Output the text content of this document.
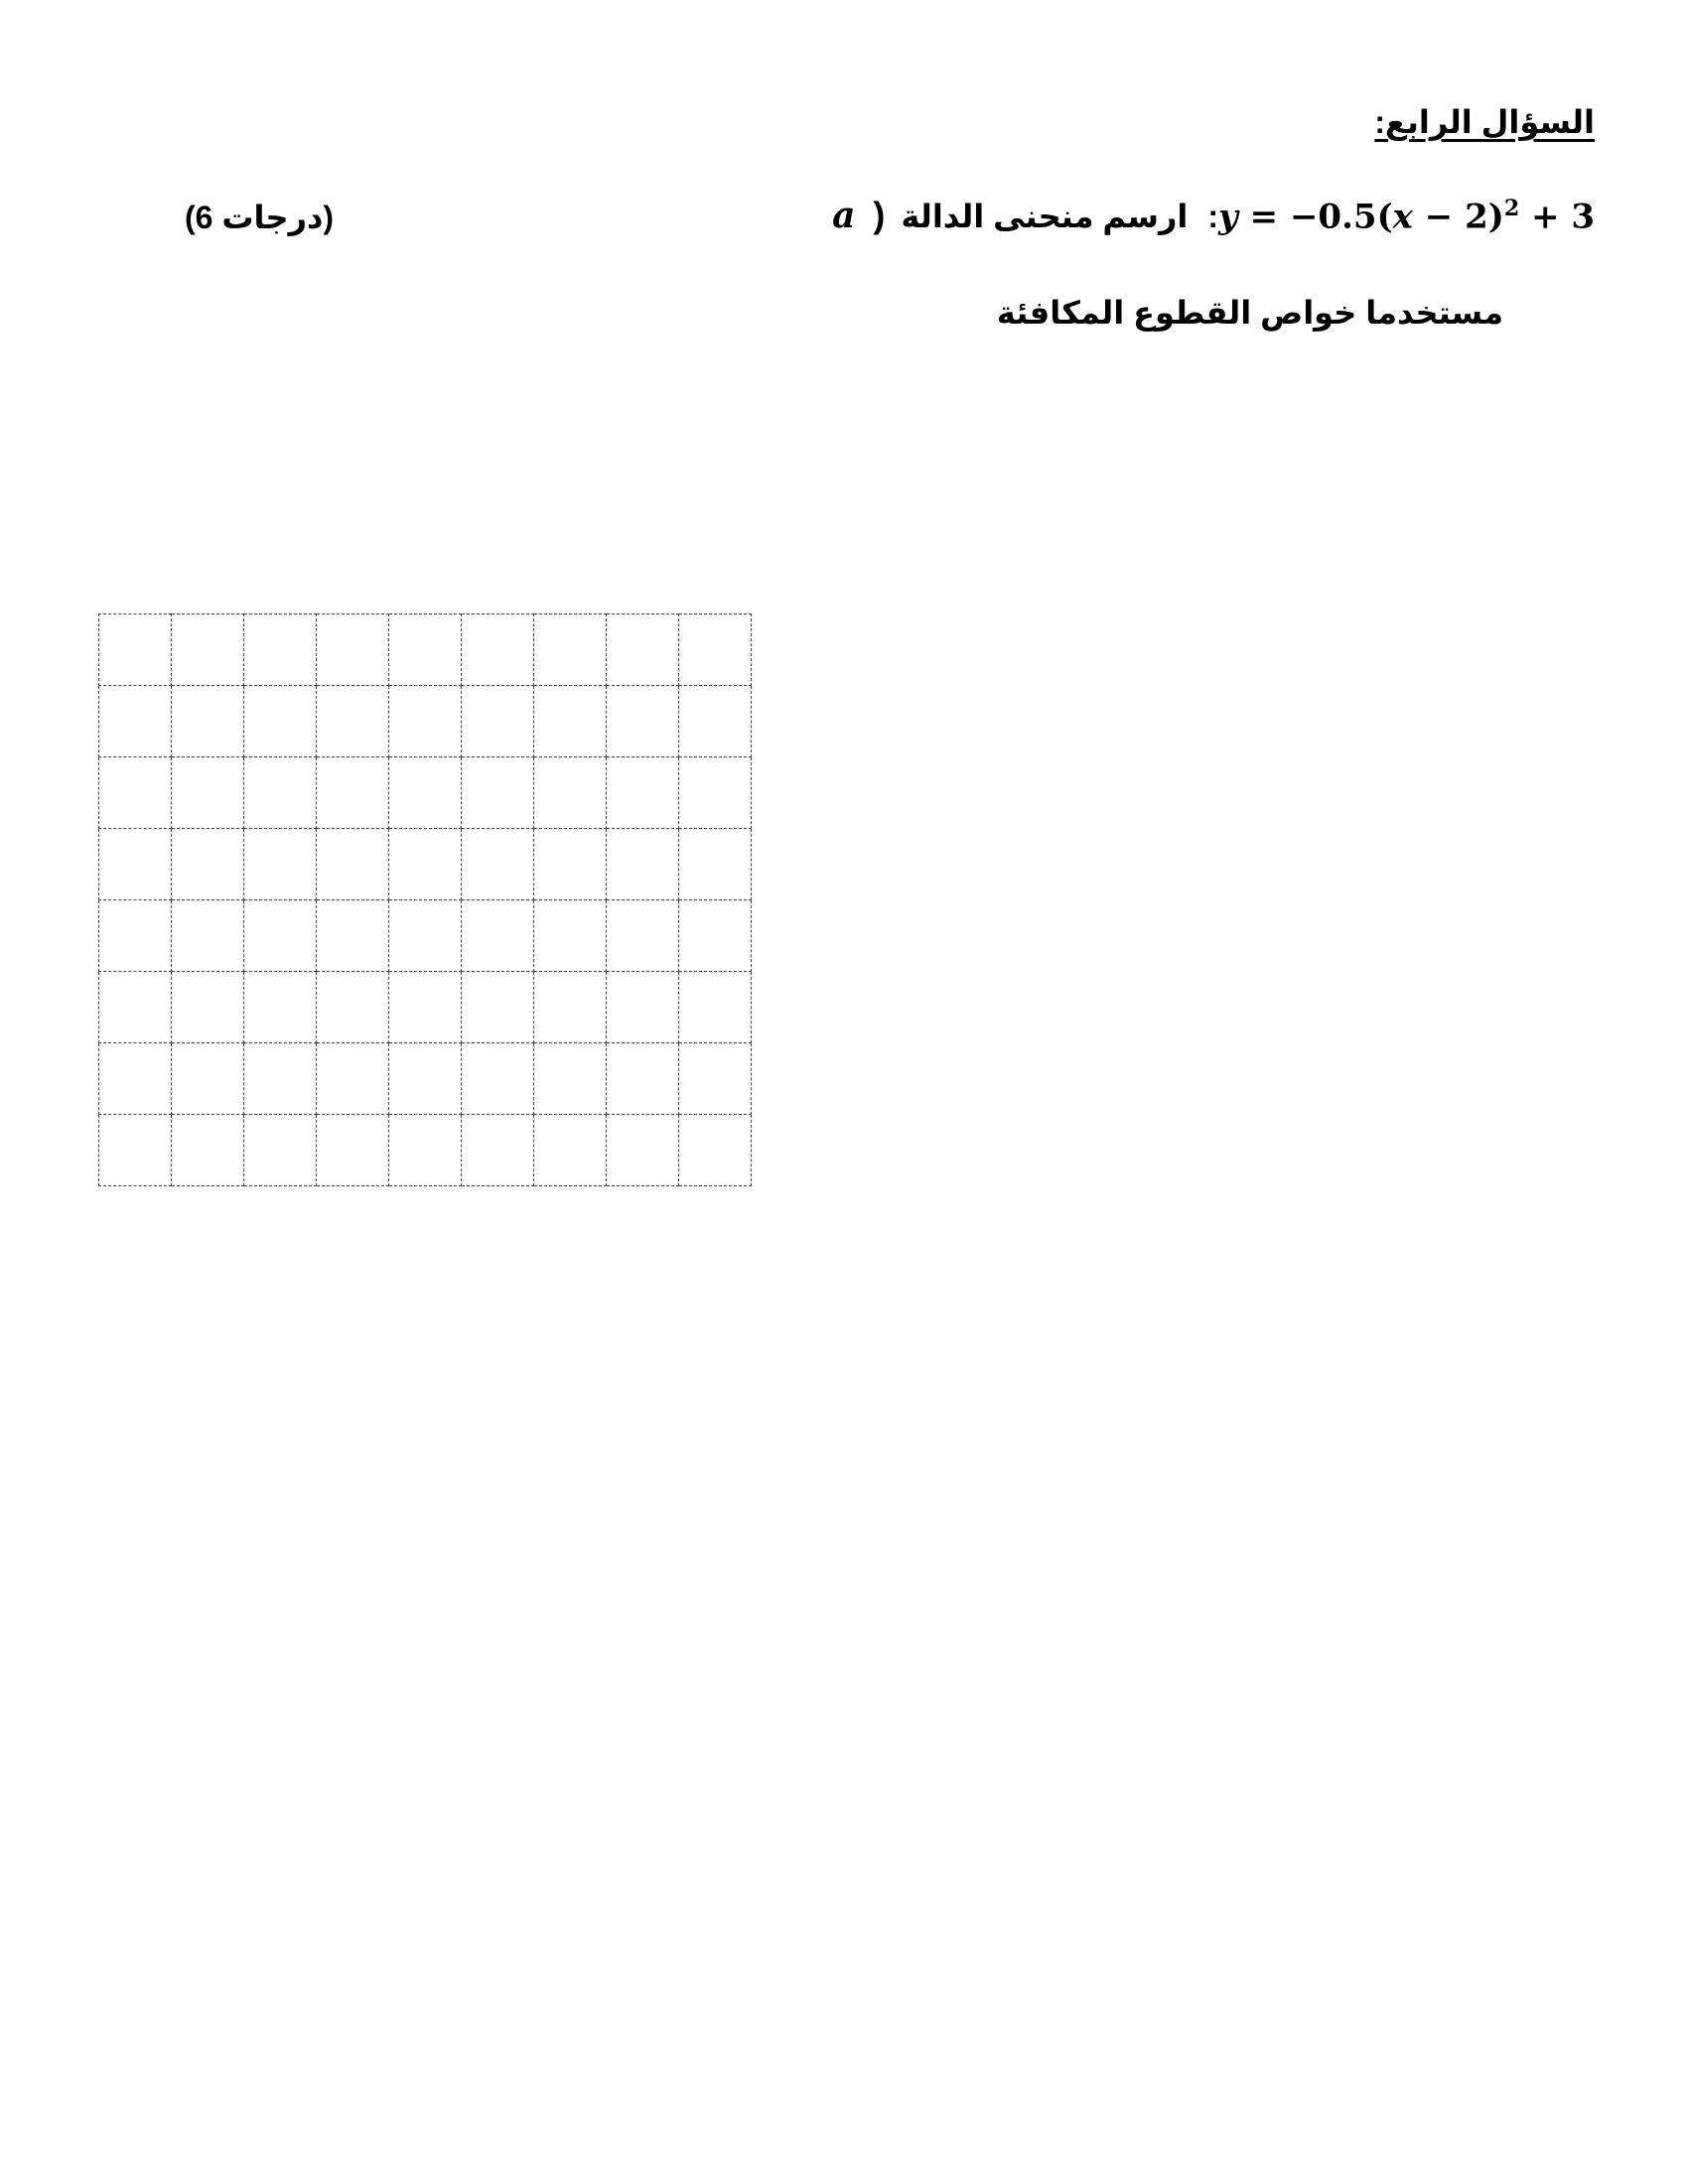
السؤال الرابع:
a ) ارسم منحنى الدالة : $y = -0.5(x - 2)^2 + 3$
(6 درجات)
مستخدما خواص القطوع المكافئة
